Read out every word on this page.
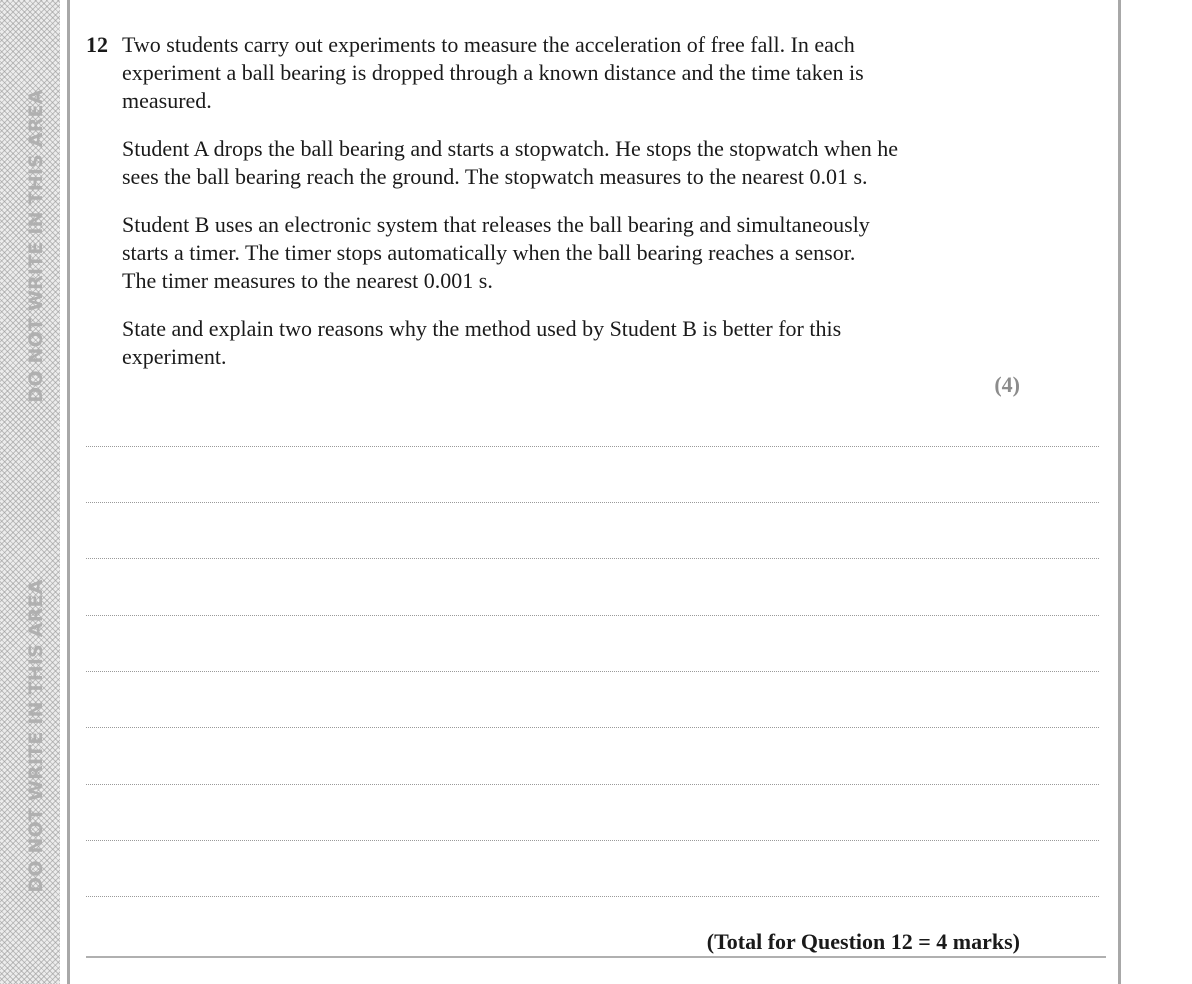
DO NOT WRITE IN THIS AREA
DO NOT WRITE IN THIS AREA
12 Two students carry out experiments to measure the acceleration of free fall. In each
experiment a ball bearing is dropped through a known distance and the time taken is
measured.

Student A drops the ball bearing and starts a stopwatch. He stops the stopwatch when he
sees the ball bearing reach the ground. The stopwatch measures to the nearest 0.01 s.

Student B uses an electronic system that releases the ball bearing and simultaneously
starts a timer. The timer stops automatically when the ball bearing reaches a sensor.
The timer measures to the nearest 0.001 s.

State and explain two reasons why the method used by Student B is better for this
experiment.

(4)
(Total for Question 12 = 4 marks)
